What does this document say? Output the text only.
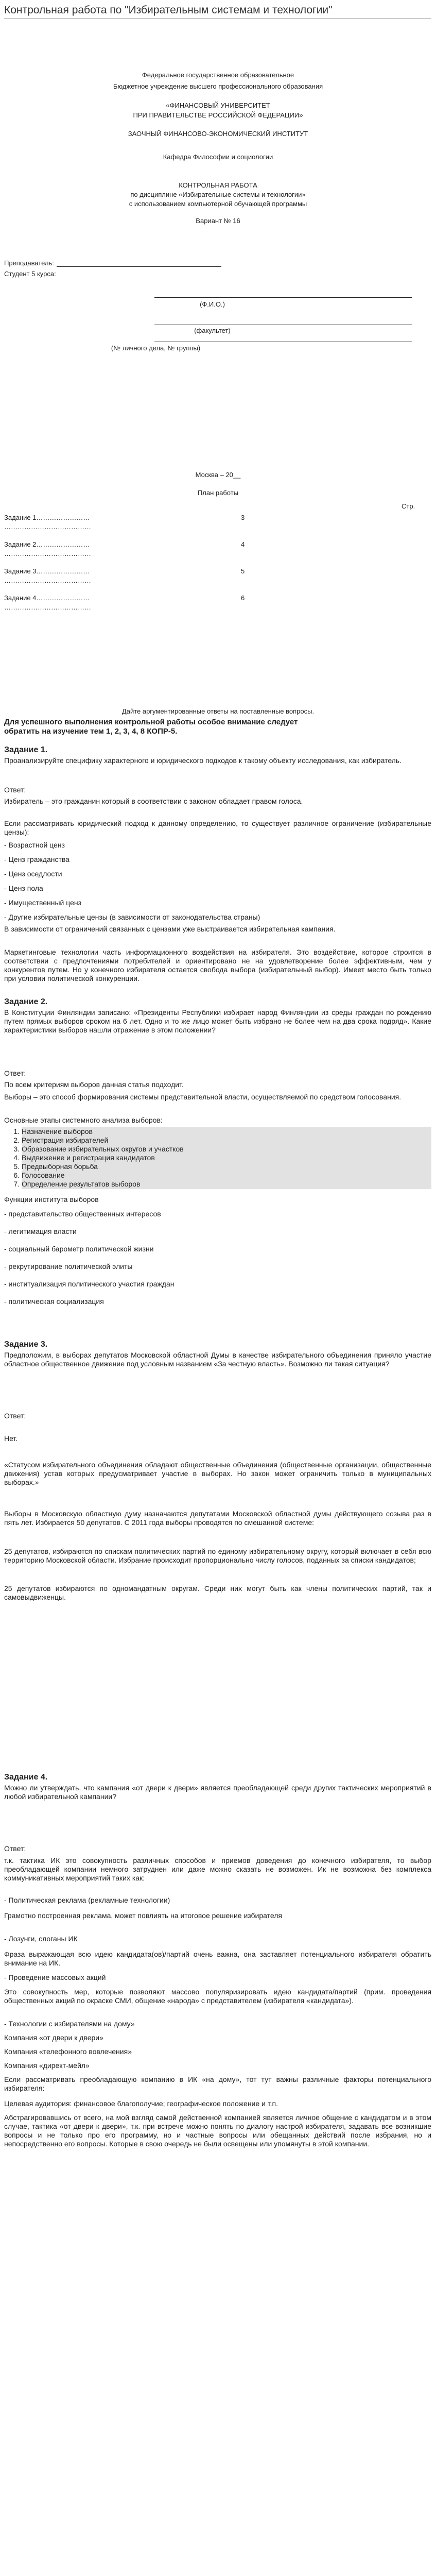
Контрольная работа по "Избирательным системам и технологии"
Федеральное государственное образовательное
Бюджетное учреждение высшего профессионального образования
«ФИНАНСОВЫЙ УНИВЕРСИТЕТ
ПРИ ПРАВИТЕЛЬСТВЕ РОССИЙСКОЙ ФЕДЕРАЦИИ»
ЗАОЧНЫЙ ФИНАНСОВО-ЭКОНОМИЧЕСКИЙ ИНСТИТУТ
Кафедра Философии и социологии
КОНТРОЛЬНАЯ РАБОТА
по дисциплине «Избирательные системы и технологии»
с использованием компьютерной обучающей программы
Вариант № 16
Преподаватель:
Студент 5 курса:
(Ф.И.О.)
(факультет)
(№ личного дела, № группы)
Москва – 20__
План работы
Стр.
Задание 1……………………	3
…………………………………
Задание 2……………………	4
…………………………………
Задание 3……………………	5
…………………………………
Задание 4……………………	6
…………………………………
Дайте аргументированные ответы на поставленные вопросы.
Для успешного выполнения контрольной работы особое внимание следует обратить на изучение тем 1, 2, 3, 4, 8 КОПР-5.
Задание 1.
Проанализируйте специфику характерного и юридического подходов к такому объекту исследования, как избиратель.
Ответ:
Избиратель – это гражданин который в соответствии с законом обладает правом голоса.
Если рассматривать юридический подход к данному определению, то существует различное ограничение (избирательные цензы):
- Возрастной ценз
- Ценз гражданства
- Ценз оседлости
- Ценз пола
- Имущественный ценз
- Другие избирательные цензы (в зависимости от законодательства страны)
В зависимости от ограничений связанных с цензами уже выстраивается избирательная кампания.
Маркетинговые технологии часть информационного воздействия на избирателя. Это воздействие, которое строится в соответствии с предпочтениями потребителей и ориентировано не на удовлетворение более эффективным, чем у конкурентов путем. Но у конечного избирателя остается свобода выбора (избирательный выбор). Имеет место быть только при условии политической конкуренции.
Задание 2.
В Конституции Финляндии записано: «Президенты Республики избирает народ Финляндии из среды граждан по рождению путем прямых выборов сроком на 6 лет. Одно и то же лицо может быть избрано не более чем на два срока подряд». Какие характеристики выборов нашли отражение в этом положении?
Ответ:
По всем критериям выборов данная статья подходит.
Выборы – это способ формирования системы представительной власти, осуществляемой по средством голосования.
Основные этапы системного анализа выборов:
1. Назначение выборов
2. Регистрация избирателей
3. Образование избирательных округов и участков
4. Выдвижение и регистрация кандидатов
5. Предвыборная борьба
6. Голосование
7. Определение результатов выборов
Функции института выборов
- представительство общественных интересов
- легитимация власти
- социальный барометр политической жизни
- рекрутирование политической элиты
- институализация политического участия граждан
- политическая социализация
Задание 3.
Предположим, в выборах депутатов Московской областной Думы в качестве избирательного объединения приняло участие областное общественное движение под условным названием «За честную власть». Возможно ли такая ситуация?
Ответ:
Нет.
«Статусом избирательного объединения обладают общественные объединения (общественные организации, общественные движения) устав которых предусматривает участие в выборах. Но закон может ограничить только в муниципальных выборах.»
Выборы в Московскую областную думу назначаются депутатами Московской областной думы действующего созыва раз в пять лет. Избирается 50 депутатов. С 2011 года выборы проводятся по смешанной системе:
25 депутатов, избираются по спискам политических партий по единому избирательному округу, который включает в себя всю территорию Московской области. Избрание происходит пропорционально числу голосов, поданных за списки кандидатов;
25 депутатов избираются по одномандатным округам. Среди них могут быть как члены политических партий, так и самовыдвиженцы.
Задание 4.
Можно ли утверждать, что кампания «от двери к двери» является преобладающей среди других тактических мероприятий в любой избирательной кампании?
Ответ:
т.к. тактика ИК это совокупность различных способов и приемов доведения до конечного избирателя, то выбор преобладающей компании немного затруднен или даже можно сказать не возможен. Ик не возможна без комплекса коммуникативных мероприятий таких как:
- Политическая реклама (рекламные технологии)
Грамотно построенная реклама, может повлиять на итоговое решение избирателя
- Лозунги, слоганы ИК
Фраза выражающая всю идею кандидата(ов)/партий очень важна, она заставляет потенциального избирателя обратить внимание на ИК.
- Проведение массовых акций
Это совокупность мер, которые позволяют массово популяризировать идею кандидата/партий (прим. проведения общественных акций по окраске СМИ, общение «народа» с представителем (избирателя «кандидата»).
- Технологии с избирателями на дому»
Компания «от двери к двери»
Компания «телефонного вовлечения»
Компания «директ-мейл»
Если рассматривать преобладающую компанию в ИК «на дому», тот тут важны различные факторы потенциального избирателя:
Целевая аудитория: финансовое благополучие; географическое положение и т.п.
Абстрагировавшись от всего, на мой взгляд самой действенной компанией является личное общение с кандидатом и в этом случае, тактика «от двери к двери», т.к. при встрече можно понять по диалогу настрой избирателя, задавать все возникшие вопросы и не только про его программу, но и частные вопросы или обещанных действий после избрания, но и непосредственно его вопросы. Которые в свою очередь не были освещены или упомянуты в этой компании.
